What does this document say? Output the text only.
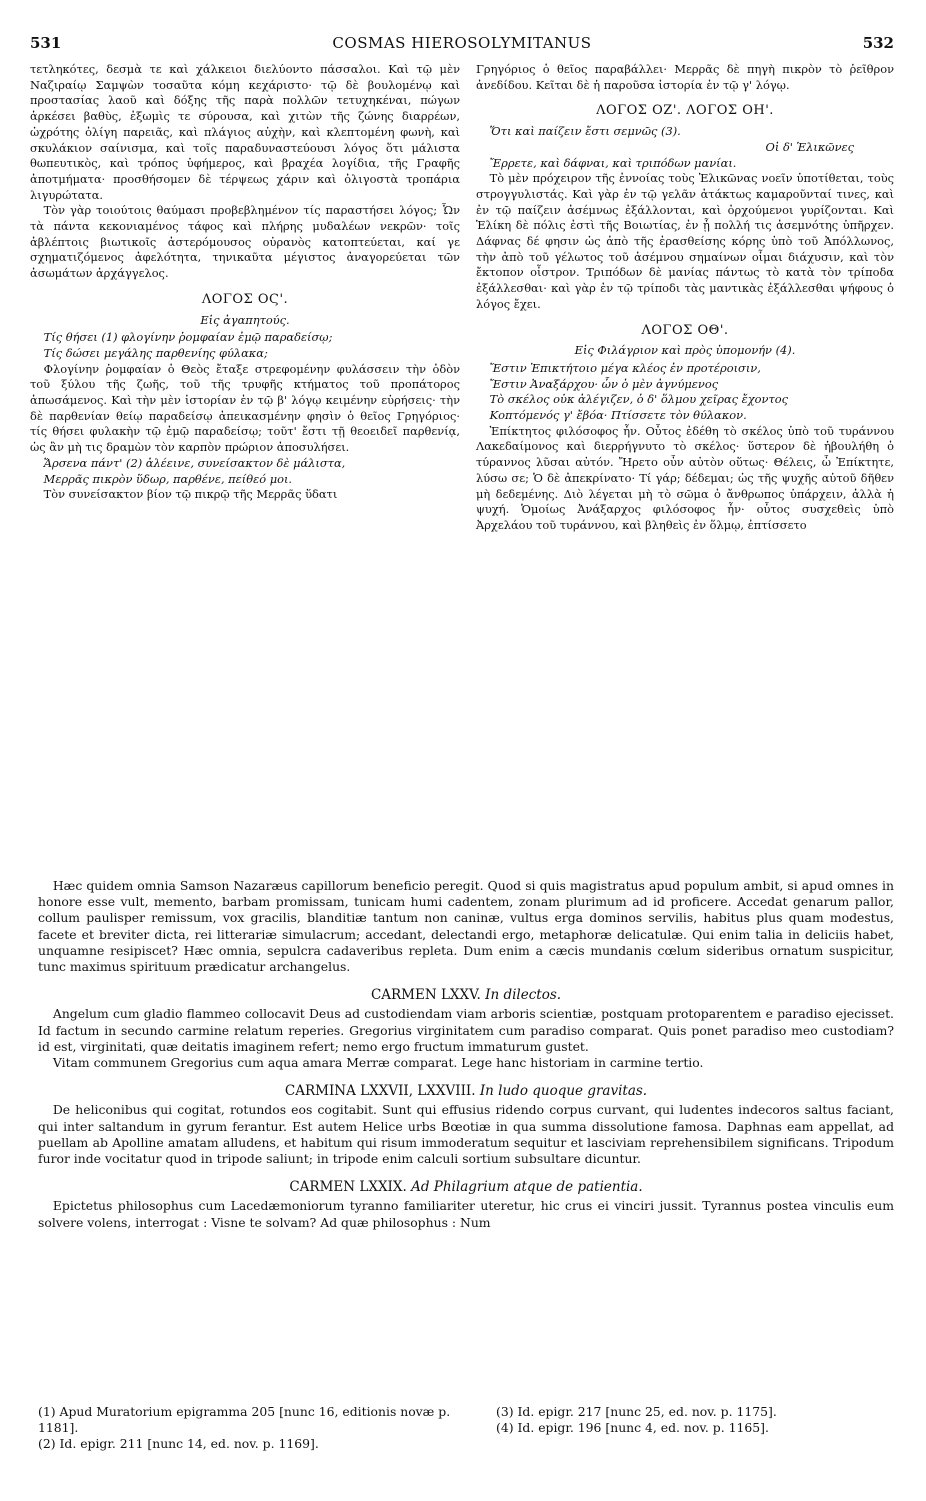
531	COSMAS HIEROSOLYMITANUS	532

τετληκότες, δεσμὰ τε καὶ χάλκειοι διελύοντο πάσσαλοι. Καὶ τῷ μὲν Ναζιραίῳ Σαμψὼν τοσαῦτα κόμη κεχάριστο· τῷ δὲ βουλομένῳ καὶ προστασίας λαοῦ καὶ δόξης τῆς παρὰ πολλῶν τετυχηκέναι, πώγων ἀρκέσει βαθὺς, ἐξωμὶς τε σύρουσα, καὶ χιτὼν τῆς ζώνης διαρρέων, ὠχρότης ὀλίγη παρειᾶς, καὶ πλάγιος αὐχὴν, καὶ κλεπτομένη φωνὴ, καὶ σκυλάκιον σαίνισμα, καὶ τοῖς παραδυναστεύουσι λόγος ὅτι μάλιστα θωπευτικὸς, καὶ τρόπος ὑφήμερος, καὶ βραχέα λογίδια, τῆς Γραφῆς ἀποτμήματα· προσθήσομεν δὲ τέρψεως χάριν καὶ ὀλιγοστὰ τροπάρια λιγυρώτατα.

Τὸν γὰρ τοιούτοις θαύμασι προβεβλημένον τίς παραστήσει λόγος; Ὧν τὰ πάντα κεκονιαμένος τάφος καὶ πλήρης μυδαλέων νεκρῶν· τοῖς ἀβλέπτοις βιωτικοῖς ἀστερόμουσος οὐρανὸς κατοπτεύεται, καί γε σχηματιζόμενος ἀφελότητα, τηνικαῦτα μέγιστος ἀναγορεύεται τῶν ἀσωμάτων ἀρχάγγελος.

ΛΟΓΟΣ ΟϚ'.
Εἰς ἀγαπητούς.
Τίς θήσει (1) φλογίνην ῥομφαίαν ἐμῷ παραδείσῳ;
Τίς δώσει μεγάλης παρθενίης φύλακα;

Φλογίνην ῥομφαίαν ὁ Θεὸς ἔταξε στρεφομένην φυλάσσειν τὴν ὁδὸν τοῦ ξύλου τῆς ζωῆς, τοῦ τῆς τρυφῆς κτήματος τοῦ προπάτορος ἀπωσάμενος. Καὶ τὴν μὲν ἱστορίαν ἐν τῷ β' λόγῳ κειμένην εὑρήσεις· τὴν δὲ παρθενίαν θείῳ παραδείσῳ ἀπεικασμένην φησὶν ὁ θεῖος Γρηγόριος· τίς θήσει φυλακὴν τῷ ἐμῷ παραδείσῳ; τοῦτ' ἔστι τῇ θεοειδεῖ παρθενίᾳ, ὡς ἂν μὴ τις δραμὼν τὸν καρπὸν πρώριον ἀποσυλήσει.

Ἄρσενα πάντ' (2) ἀλέεινε, συνείσακτον δὲ μάλιστα,
Μερρᾶς πικρὸν ὕδωρ, παρθένε, πείθεό μοι.

Τὸν συνείσακτον βίον τῷ πικρῷ τῆς Μερρᾶς ὕδατι

Γρηγόριος ὁ θεῖος παραβάλλει· Μερρᾶς δὲ πηγὴ πικρὸν τὸ ῥεῖθρον ἀνεδίδου. Κεῖται δὲ ἡ παροῦσα ἱστορία ἐν τῷ γ' λόγῳ.

ΛΟΓΟΣ ΟΖ'. ΛΟΓΟΣ ΟΗ'.
Ὅτι καὶ παίζειν ἔστι σεμνῶς (3).
Οἱ δ' Ἑλικῶνες
Ἔρρετε, καὶ δάφναι, καὶ τριπόδων μανίαι.

Τὸ μὲν πρόχειρον τῆς ἐννοίας τοὺς Ἑλικῶνας νοεῖν ὑποτίθεται, τοὺς στρογγυλιστάς. Καὶ γὰρ ἐν τῷ γελᾶν ἀτάκτως καμαροῦνταί τινες, καὶ ἐν τῷ παίζειν ἀσέμνως ἐξάλλονται, καὶ ὀρχούμενοι γυρίζονται. Καὶ Ἑλίκη δὲ πόλις ἐστὶ τῆς Βοιωτίας, ἐν ᾗ πολλή τις ἀσεμνότης ὑπῆρχεν. Δάφνας δέ φησιν ὡς ἀπὸ τῆς ἐρασθείσης κόρης ὑπὸ τοῦ Ἀπόλλωνος, τὴν ἀπὸ τοῦ γέλωτος τοῦ ἀσέμνου σημαίνων οἶμαι διάχυσιν, καὶ τὸν ἔκτοπον οἶστρον. Τριπόδων δὲ μανίας πάντως τὸ κατὰ τὸν τρίποδα ἐξάλλεσθαι· καὶ γὰρ ἐν τῷ τρίποδι τὰς μαντικὰς ἐξάλλεσθαι ψήφους ὁ λόγος ἔχει.

ΛΟΓΟΣ ΟΘ'.
Εἰς Φιλάγριον καὶ πρὸς ὑπομονήν (4).
Ἔστιν Ἐπικτήτοιο μέγα κλέος ἐν προτέροισιν,
Ἔστιν Ἀναξάρχου· ὧν ὁ μὲν ἀγνύμενος
Τὸ σκέλος οὐκ ἀλέγιζεν, ὁ δ' ὅλμου χεῖρας ἔχοντος
Κοπτόμενός γ' ἔβόα· Πτίσσετε τὸν θύλακον.

Ἐπίκτητος φιλόσοφος ἦν. Οὗτος ἐδέθη τὸ σκέλος ὑπὸ τοῦ τυράννου Λακεδαίμονος καὶ διερρήγνυτο τὸ σκέλος· ὕστερον δὲ ἠβουλήθη ὁ τύραννος λῦσαι αὐτόν. Ἤρετο οὖν αὐτὸν οὕτως· Θέλεις, ὦ Ἐπίκτητε, λύσω σε; Ὁ δὲ ἀπεκρίνατο· Τί γάρ; δέδεμαι; ὡς τῆς ψυχῆς αὐτοῦ δῆθεν μὴ δεδεμένης. Διὸ λέγεται μὴ τὸ σῶμα ὁ ἄνθρωπος ὑπάρχειν, ἀλλὰ ἡ ψυχή. Ὁμοίως Ἀνάξαρχος φιλόσοφος ἦν· οὗτος συσχεθεὶς ὑπὸ Ἀρχελάου τοῦ τυράννου, καὶ βληθεὶς ἐν ὅλμῳ, ἐπτίσσετο

Hæc quidem omnia Samson Nazaræus capillorum beneficio peregit. Quod si quis magistratus apud populum ambit, si apud omnes in honore esse vult, memento, barbam promissam, tunicam humi cadentem, zonam plurimum ad id proficere. Accedat genarum pallor, collum paulisper remissum, vox gracilis, blanditiæ tantum non caninæ, vultus erga dominos servilis, habitus plus quam modestus, facete et breviter dicta, rei litterariæ simulacrum; accedant, delectandi ergo, metaphoræ delicatulæ. Qui enim talia in deliciis habet, unquamne resipiscet? Hæc omnia, sepulcra cadaveribus repleta. Dum enim a cæcis mundanis cœlum sideribus ornatum suspicitur, tunc maximus spirituum prædicatur archangelus.

CARMEN LXXV. In dilectos.

Angelum cum gladio flammeo collocavit Deus ad custodiendam viam arboris scientiæ, postquam protoparentem e paradiso ejecisset. Id factum in secundo carmine relatum reperies. Gregorius virginitatem cum paradiso comparat. Quis ponet paradiso meo custodiam? id est, virginitati, quæ deitatis imaginem refert; nemo ergo fructum immaturum gustet.

Vitam communem Gregorius cum aqua amara Merræ comparat. Lege hanc historiam in carmine tertio.

CARMINA LXXVII, LXXVIII. In ludo quoque gravitas.

De heliconibus qui cogitat, rotundos eos cogitabit. Sunt qui effusius ridendo corpus curvant, qui ludentes indecoros saltus faciant, qui inter saltandum in gyrum ferantur. Est autem Helice urbs Bœotiæ in qua summa dissolutione famosa. Daphnas eam appellat, ad puellam ab Apolline amatam alludens, et habitum qui risum immoderatum sequitur et lasciviam reprehensibilem significans. Tripodum furor inde vocitatur quod in tripode saliunt; in tripode enim calculi sortium subsultare dicuntur.

CARMEN LXXIX. Ad Philagrium atque de patientia.

Epictetus philosophus cum Lacedæmoniorum tyranno familiariter uteretur, hic crus ei vinciri jussit. Tyrannus postea vinculis eum solvere volens, interrogat : Visne te solvam? Ad quæ philosophus : Num

(1) Apud Muratorium epigramma 205 [nunc 16, editionis novæ p. 1181].
(2) Id. epigr. 211 [nunc 14, ed. nov. p. 1169].
(3) Id. epigr. 217 [nunc 25, ed. nov. p. 1175].
(4) Id. epigr. 196 [nunc 4, ed. nov. p. 1165].
